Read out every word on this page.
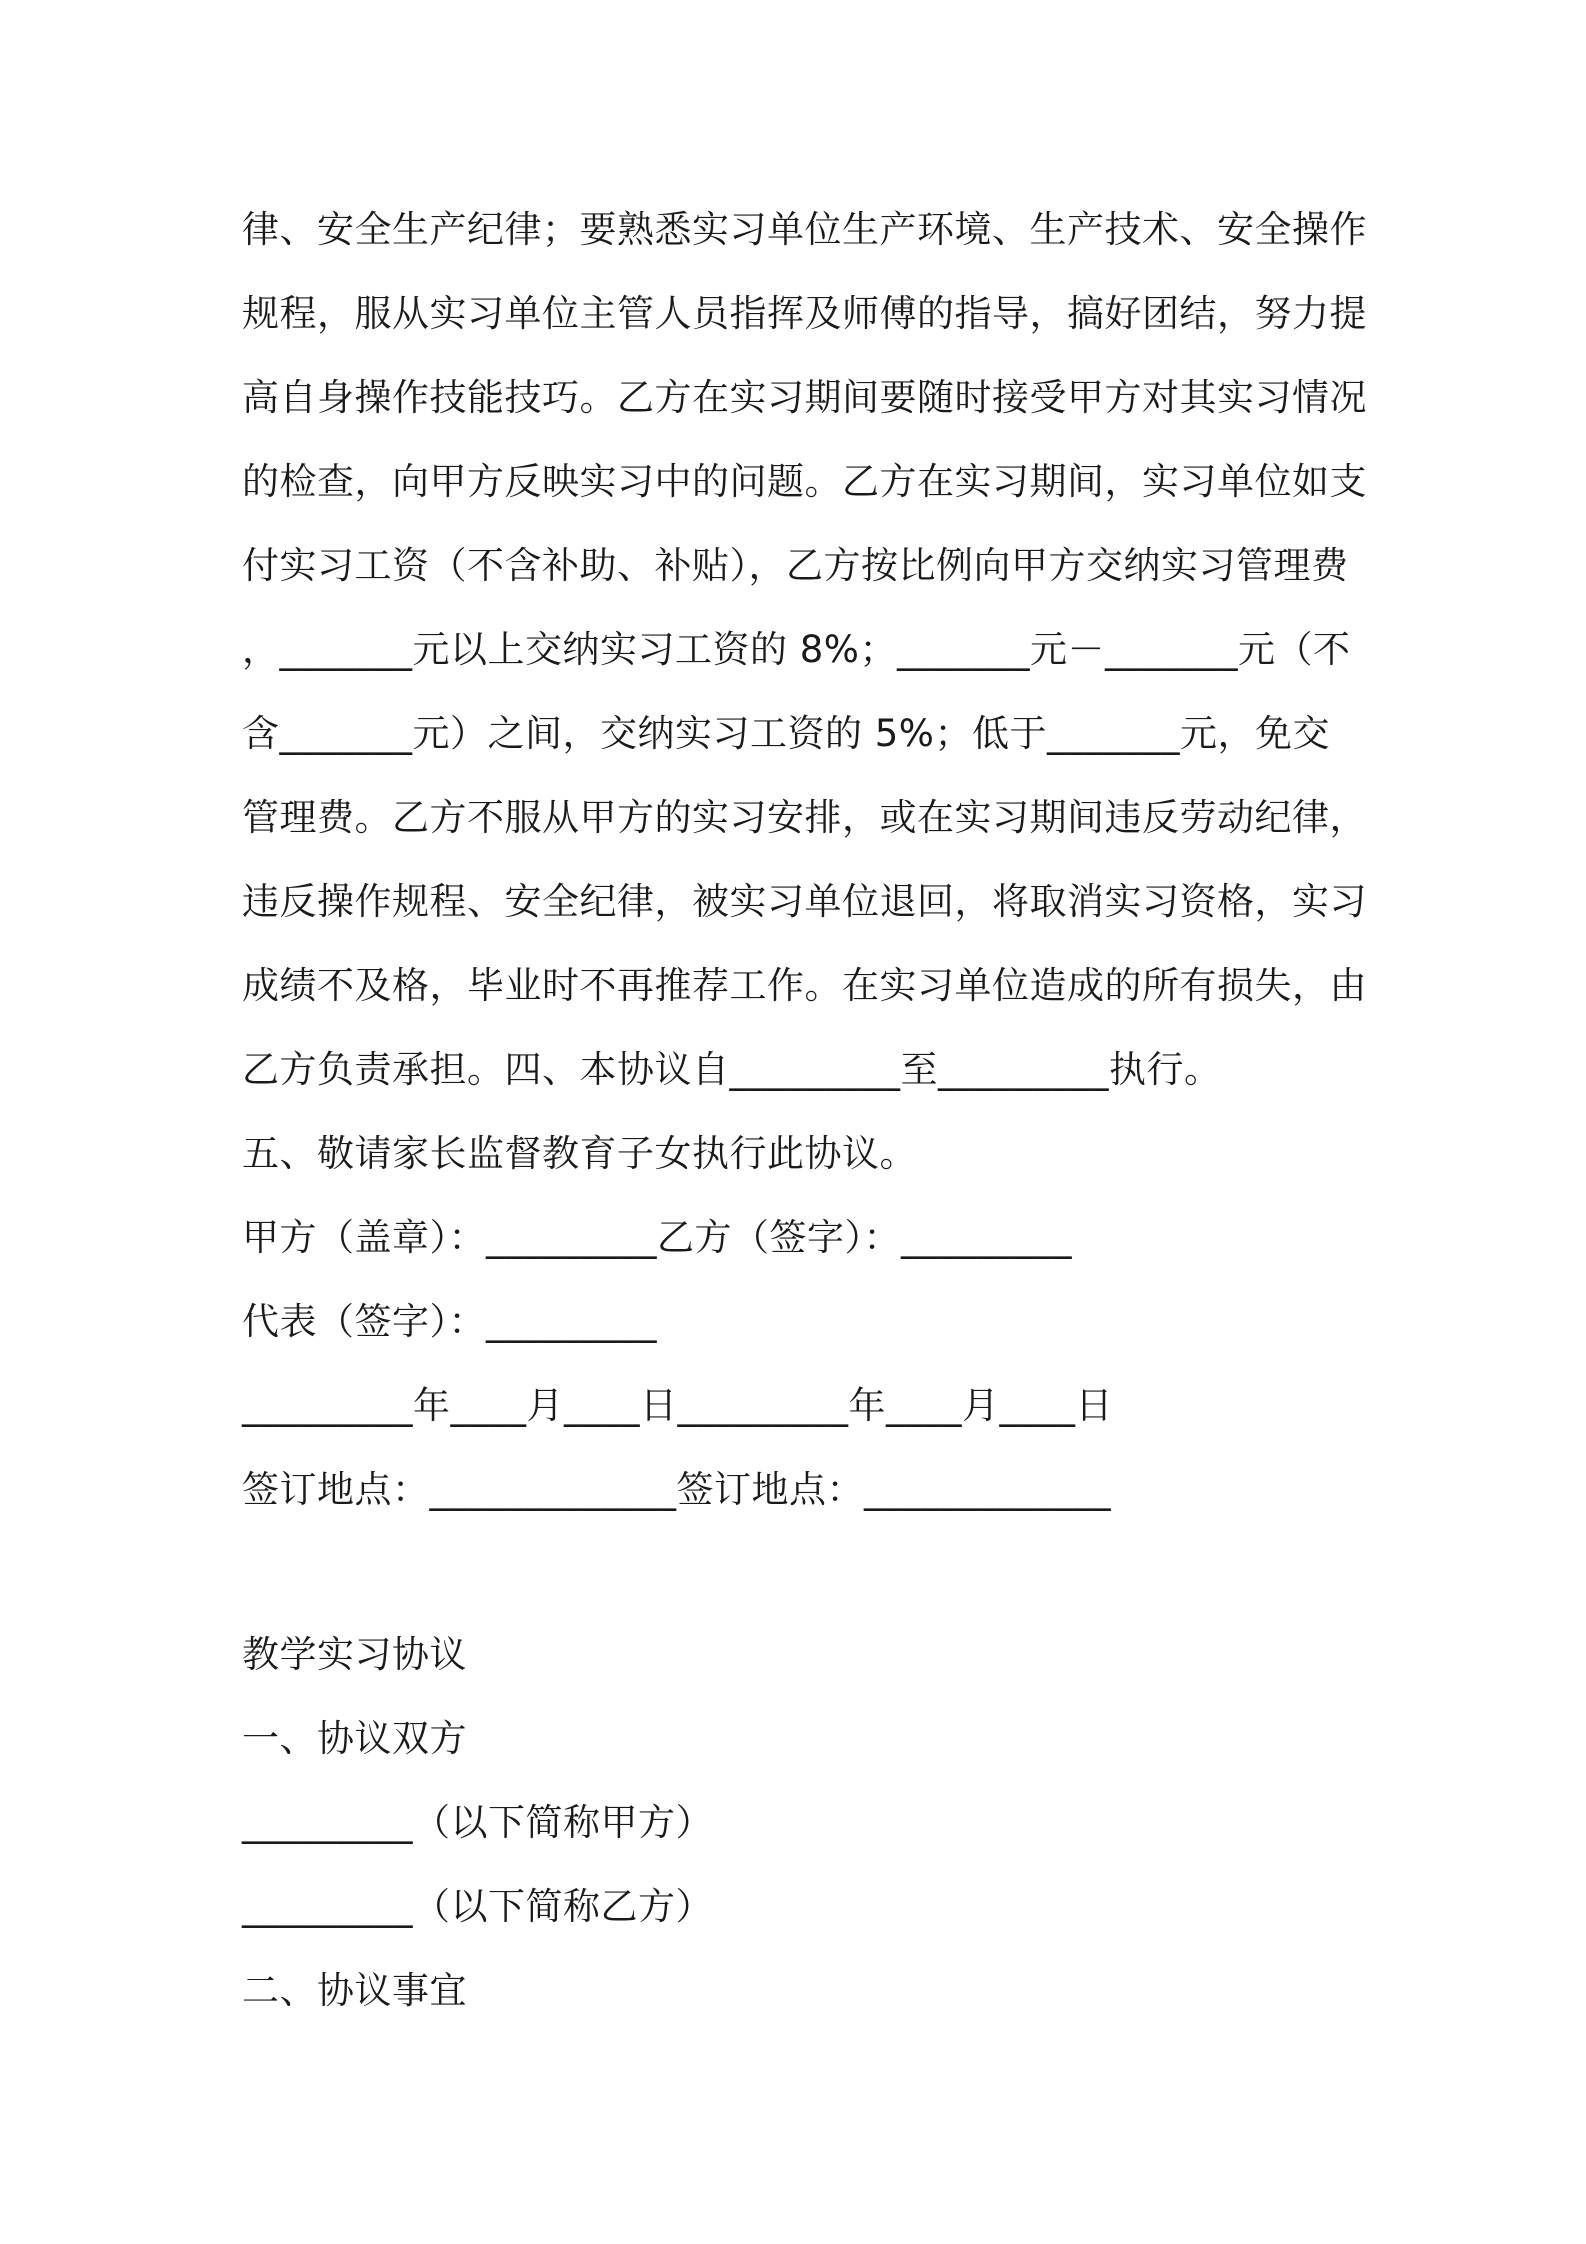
律、安全生产纪律；要熟悉实习单位生产环境、生产技术、安全操作
规程，服从实习单位主管人员指挥及师傅的指导，搞好团结，努力提
高自身操作技能技巧。乙方在实习期间要随时接受甲方对其实习情况
的检查，向甲方反映实习中的问题。乙方在实习期间，实习单位如支
付实习工资（不含补助、补贴），乙方按比例向甲方交纳实习管理费
，_______元以上交纳实习工资的 8%；_______元－_______元（不
含_______元）之间，交纳实习工资的 5%；低于_______元，免交
管理费。乙方不服从甲方的实习安排，或在实习期间违反劳动纪律，
违反操作规程、安全纪律，被实习单位退回，将取消实习资格，实习
成绩不及格，毕业时不再推荐工作。在实习单位造成的所有损失，由
乙方负责承担。四、本协议自_________至_________执行。
五、敬请家长监督教育子女执行此协议。
甲方（盖章）：_________乙方（签字）：_________
代表（签字）：_________
_________年____月____日_________年____月____日
签订地点：_____________签订地点：_____________
教学实习协议
一、协议双方
_________（以下简称甲方）
_________（以下简称乙方）
二、协议事宜
